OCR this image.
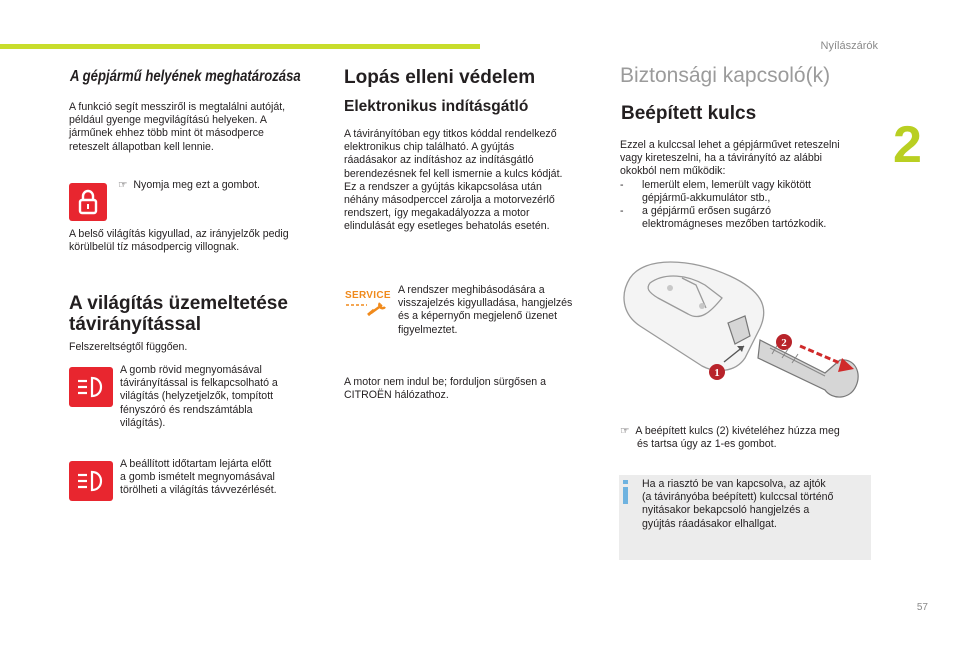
Nyílászárók
2
57
A gépjármű helyének meghatározása
A funkció segít messziről is megtalálni autóját,
például gyenge megvilágítású helyeken. A
járműnek ehhez több mint öt másodperce
reteszelt állapotban kell lennie.
☞ Nyomja meg ezt a gombot.
A belső világítás kigyullad, az irányjelzők pedig
körülbelül tíz másodpercig villognak.
A világítás üzemeltetése
távirányítással
Felszereltségtől függően.
A gomb rövid megnyomásával
távirányítással is felkapcsolható a
világítás (helyzetjelzők, tompított
fényszóró és rendszámtábla
világítás).
A beállított időtartam lejárta előtt
a gomb ismételt megnyomásával
törölheti a világítás távvezérlését.
Lopás elleni védelem
Elektronikus indításgátló
A távirányítóban egy titkos kóddal rendelkező
elektronikus chip található. A gyújtás
ráadásakor az indításhoz az indításgátló
berendezésnek fel kell ismernie a kulcs kódját.
Ez a rendszer a gyújtás kikapcsolása után
néhány másodperccel zárolja a motorvezérlő
rendszert, így megakadályozza a motor
elindulását egy esetleges behatolás esetén.
SERVICE A rendszer meghibásodására a
visszajelzés kigyulladása, hangjelzés
és a képernyőn megjelenő üzenet
figyelmeztet.
A motor nem indul be; forduljon sürgősen a
CITROËN hálózathoz.
Biztonsági kapcsoló(k)
Beépített kulcs
Ezzel a kulccsal lehet a gépjárművet reteszelni
vagy kireteszelni, ha a távirányító az alábbi
okokból nem működik:
- lemerült elem, lemerült vagy kikötött
gépjármű-akkumulátor stb.,
- a gépjármű erősen sugárzó
elektromágneses mezőben tartózkodik.
2
1
☞ A beépített kulcs (2) kivételéhez húzza meg
és tartsa úgy az 1-es gombot.
Ha a riasztó be van kapcsolva, az ajtók
(a távirányóba beépített) kulccsal történő
nyitásakor bekapcsoló hangjelzés a
gyújtás ráadásakor elhallgat.
